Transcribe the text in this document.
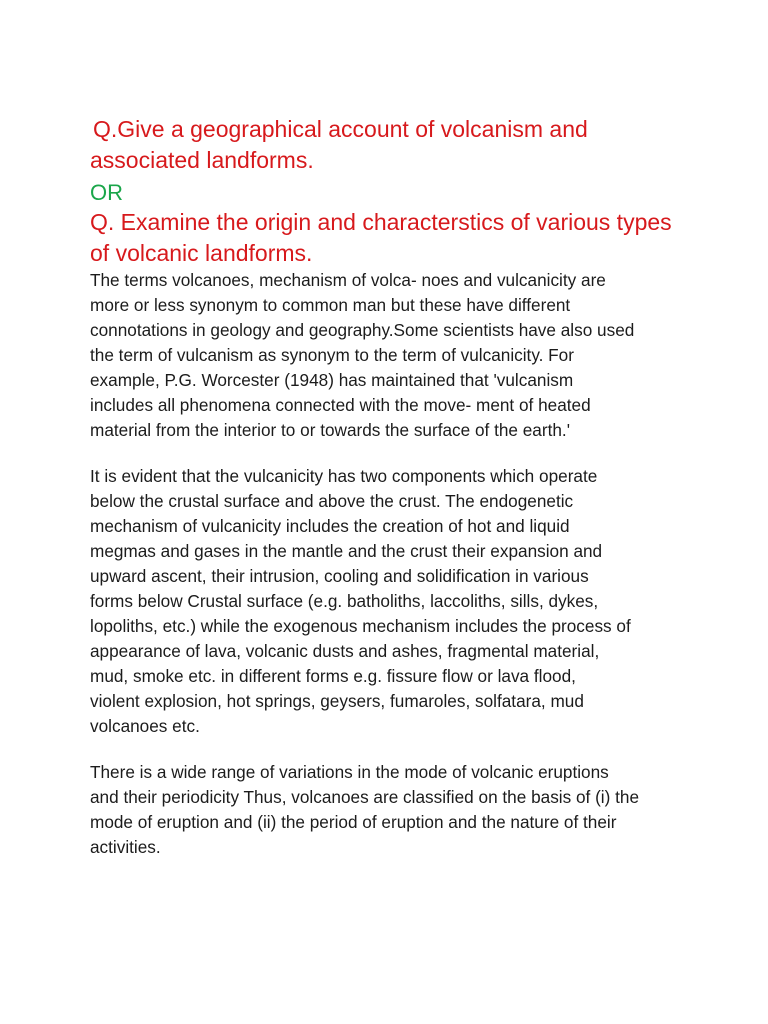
Q.Give a geographical account of volcanism and
associated landforms.
OR
Q. Examine the origin and characterstics of various types
of volcanic landforms.

The terms volcanoes, mechanism of volca- noes and vulcanicity are
more or less synonym to common man but these have different
connotations in geology and geography.Some scientists have also used
the term of vulcanism as synonym to the term of vulcanicity. For
example, P.G. Worcester (1948) has maintained that 'vulcanism
includes all phenomena connected with the move- ment of heated
material from the interior to or towards the surface of the earth.'

It is evident that the vulcanicity has two components which operate
below the crustal surface and above the crust. The endogenetic
mechanism of vulcanicity includes the creation of hot and liquid
megmas and gases in the mantle and the crust their expansion and
upward ascent, their intrusion, cooling and solidification in various
forms below Crustal surface (e.g. batholiths, laccoliths, sills, dykes,
lopoliths, etc.) while the exogenous mechanism includes the process of
appearance of lava, volcanic dusts and ashes, fragmental material,
mud, smoke etc. in different forms e.g. fissure flow or lava flood,
violent explosion, hot springs, geysers, fumaroles, solfatara, mud
volcanoes etc.

There is a wide range of variations in the mode of volcanic eruptions
and their periodicity Thus, volcanoes are classified on the basis of (i) the
mode of eruption and (ii) the period of eruption and the nature of their
activities.
